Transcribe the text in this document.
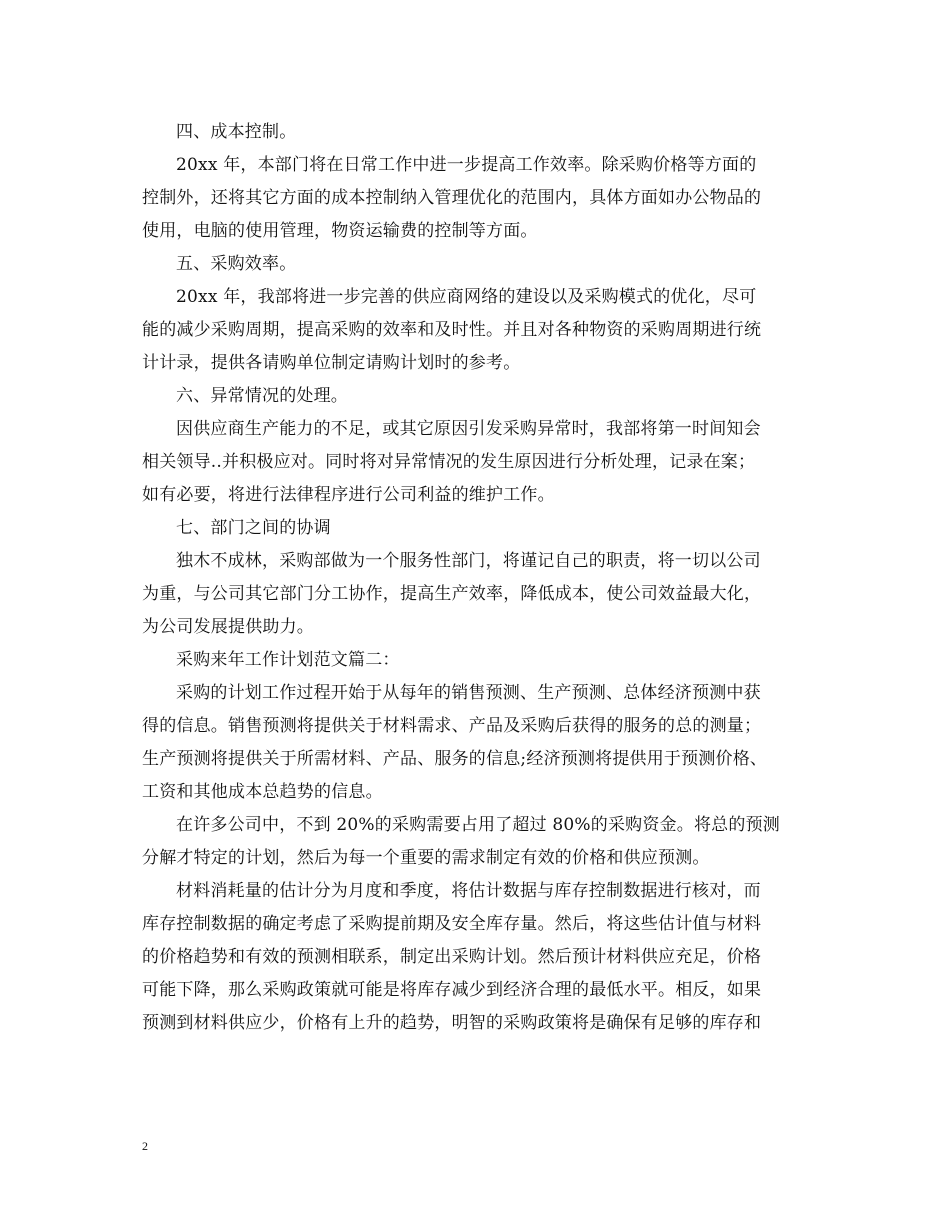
四、成本控制。
20xx 年，本部门将在日常工作中进一步提高工作效率。除采购价格等方面的
控制外，还将其它方面的成本控制纳入管理优化的范围内，具体方面如办公物品的
使用，电脑的使用管理，物资运输费的控制等方面。
五、采购效率。
20xx 年，我部将进一步完善的供应商网络的建设以及采购模式的优化，尽可
能的减少采购周期，提高采购的效率和及时性。并且对各种物资的采购周期进行统
计计录，提供各请购单位制定请购计划时的参考。
六、异常情况的处理。
因供应商生产能力的不足，或其它原因引发采购异常时，我部将第一时间知会
相关领导..并积极应对。同时将对异常情况的发生原因进行分析处理，记录在案；
如有必要，将进行法律程序进行公司利益的维护工作。
七、部门之间的协调
独木不成林，采购部做为一个服务性部门，将谨记自己的职责，将一切以公司
为重，与公司其它部门分工协作，提高生产效率，降低成本，使公司效益最大化，
为公司发展提供助力。
采购来年工作计划范文篇二：
采购的计划工作过程开始于从每年的销售预测、生产预测、总体经济预测中获
得的信息。销售预测将提供关于材料需求、产品及采购后获得的服务的总的测量；
生产预测将提供关于所需材料、产品、服务的信息;经济预测将提供用于预测价格、
工资和其他成本总趋势的信息。
在许多公司中，不到 20%的采购需要占用了超过 80%的采购资金。将总的预测
分解才特定的计划，然后为每一个重要的需求制定有效的价格和供应预测。
材料消耗量的估计分为月度和季度，将估计数据与库存控制数据进行核对，而
库存控制数据的确定考虑了采购提前期及安全库存量。然后，将这些估计值与材料
的价格趋势和有效的预测相联系，制定出采购计划。然后预计材料供应充足，价格
可能下降，那么采购政策就可能是将库存减少到经济合理的最低水平。相反，如果
预测到材料供应少，价格有上升的趋势，明智的采购政策将是确保有足够的库存和
2
